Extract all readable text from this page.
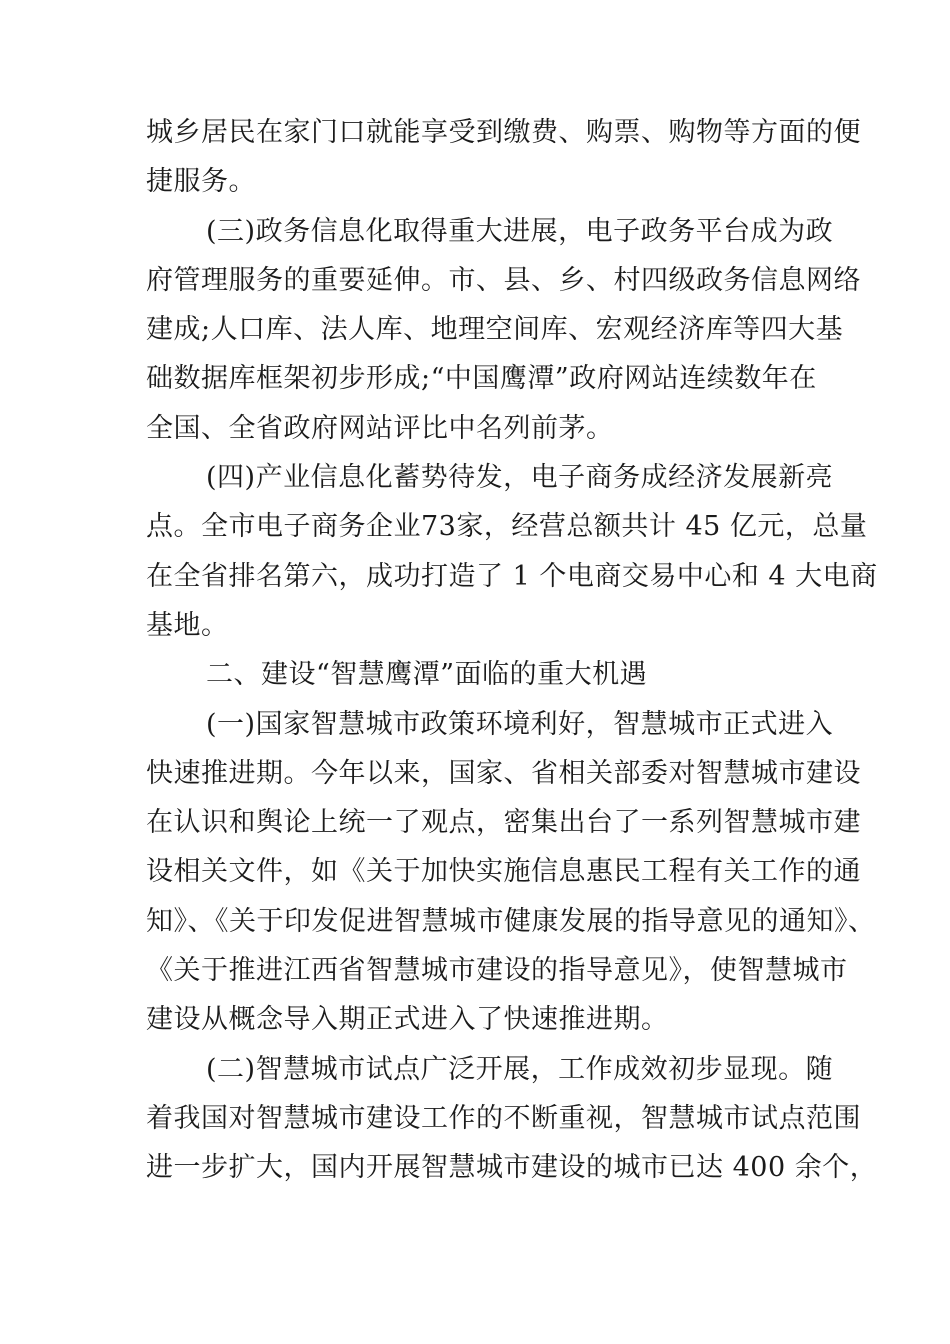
城乡居民在家门口就能享受到缴费、购票、购物等方面的便
捷服务。
(三)政务信息化取得重大进展，电子政务平台成为政
府管理服务的重要延伸。市、县、乡、村四级政务信息网络
建成;人口库、法人库、地理空间库、宏观经济库等四大基
础数据库框架初步形成;“中国鹰潭”政府网站连续数年在
全国、全省政府网站评比中名列前茅。
(四)产业信息化蓄势待发，电子商务成经济发展新亮
点。全市电子商务企业73家，经营总额共计 45 亿元，总量
在全省排名第六，成功打造了 1 个电商交易中心和 4 大电商
基地。
二、建设“智慧鹰潭”面临的重大机遇
(一)国家智慧城市政策环境利好，智慧城市正式进入
快速推进期。今年以来，国家、省相关部委对智慧城市建设
在认识和舆论上统一了观点，密集出台了一系列智慧城市建
设相关文件，如《关于加快实施信息惠民工程有关工作的通
知》、《关于印发促进智慧城市健康发展的指导意见的通知》、
《关于推进江西省智慧城市建设的指导意见》，使智慧城市
建设从概念导入期正式进入了快速推进期。
(二)智慧城市试点广泛开展，工作成效初步显现。随
着我国对智慧城市建设工作的不断重视，智慧城市试点范围
进一步扩大，国内开展智慧城市建设的城市已达 400 余个，
